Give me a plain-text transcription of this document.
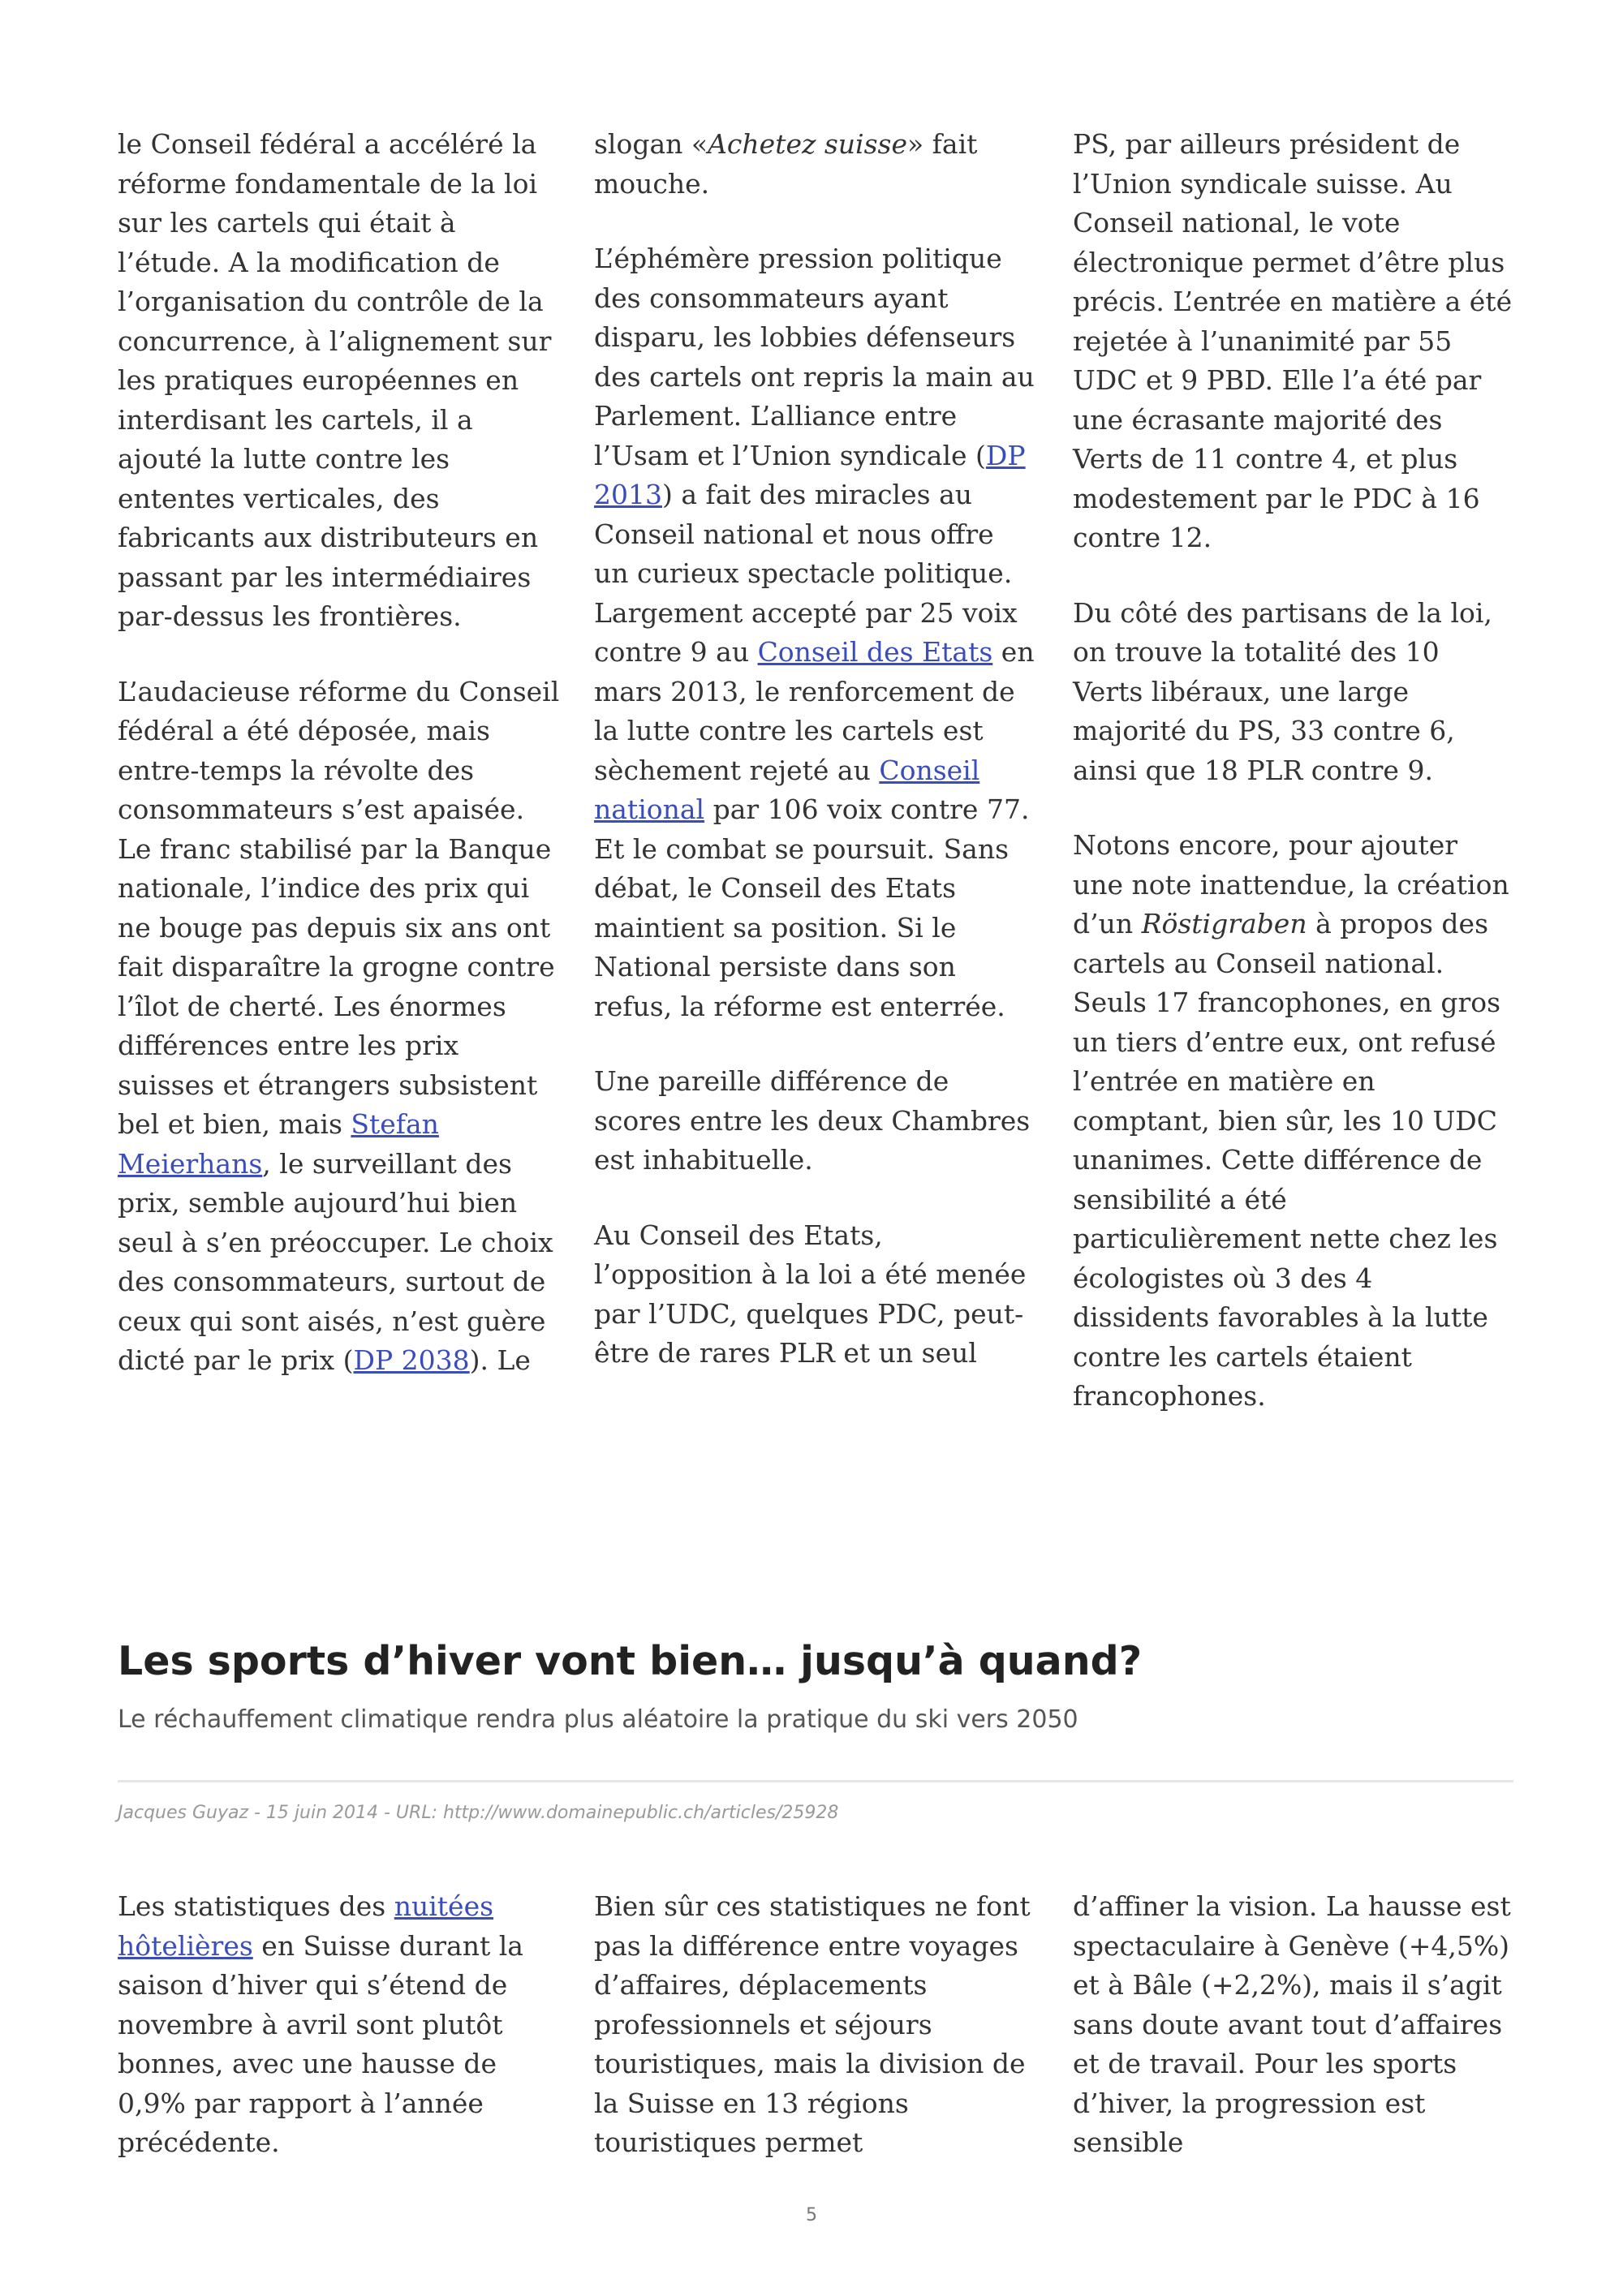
le Conseil fédéral a accéléré la réforme fondamentale de la loi sur les cartels qui était à l’étude. A la modification de l’organisation du contrôle de la concurrence, à l’alignement sur les pratiques européennes en interdisant les cartels, il a ajouté la lutte contre les ententes verticales, des fabricants aux distributeurs en passant par les intermédiaires par-dessus les frontières.

L’audacieuse réforme du Conseil fédéral a été déposée, mais entre-temps la révolte des consommateurs s’est apaisée. Le franc stabilisé par la Banque nationale, l’indice des prix qui ne bouge pas depuis six ans ont fait disparaître la grogne contre l’îlot de cherté. Les énormes différences entre les prix suisses et étrangers subsistent bel et bien, mais Stefan Meierhans, le surveillant des prix, semble aujourd’hui bien seul à s’en préoccuper. Le choix des consommateurs, surtout de ceux qui sont aisés, n’est guère dicté par le prix (DP 2038). Le

slogan «Achetez suisse» fait mouche.

L’éphémère pression politique des consommateurs ayant disparu, les lobbies défenseurs des cartels ont repris la main au Parlement. L’alliance entre l’Usam et l’Union syndicale (DP 2013) a fait des miracles au Conseil national et nous offre un curieux spectacle politique. Largement accepté par 25 voix contre 9 au Conseil des Etats en mars 2013, le renforcement de la lutte contre les cartels est sèchement rejeté au Conseil national par 106 voix contre 77. Et le combat se poursuit. Sans débat, le Conseil des Etats maintient sa position. Si le National persiste dans son refus, la réforme est enterrée.

Une pareille différence de scores entre les deux Chambres est inhabituelle.

Au Conseil des Etats, l’opposition à la loi a été menée par l’UDC, quelques PDC, peut-être de rares PLR et un seul

PS, par ailleurs président de l’Union syndicale suisse. Au Conseil national, le vote électronique permet d’être plus précis. L’entrée en matière a été rejetée à l’unanimité par 55 UDC et 9 PBD. Elle l’a été par une écrasante majorité des Verts de 11 contre 4, et plus modestement par le PDC à 16 contre 12.

Du côté des partisans de la loi, on trouve la totalité des 10 Verts libéraux, une large majorité du PS, 33 contre 6, ainsi que 18 PLR contre 9.

Notons encore, pour ajouter une note inattendue, la création d’un Röstigraben à propos des cartels au Conseil national. Seuls 17 francophones, en gros un tiers d’entre eux, ont refusé l’entrée en matière en comptant, bien sûr, les 10 UDC unanimes. Cette différence de sensibilité a été particulièrement nette chez les écologistes où 3 des 4 dissidents favorables à la lutte contre les cartels étaient francophones.

Les sports d’hiver vont bien… jusqu’à quand?
Le réchauffement climatique rendra plus aléatoire la pratique du ski vers 2050
Jacques Guyaz - 15 juin 2014 - URL: http://www.domainepublic.ch/articles/25928

Les statistiques des nuitées hôtelières en Suisse durant la saison d’hiver qui s’étend de novembre à avril sont plutôt bonnes, avec une hausse de 0,9% par rapport à l’année précédente.

Bien sûr ces statistiques ne font pas la différence entre voyages d’affaires, déplacements professionnels et séjours touristiques, mais la division de la Suisse en 13 régions touristiques permet

d’affiner la vision. La hausse est spectaculaire à Genève (+4,5%) et à Bâle (+2,2%), mais il s’agit sans doute avant tout d’affaires et de travail. Pour les sports d’hiver, la progression est sensible

5
